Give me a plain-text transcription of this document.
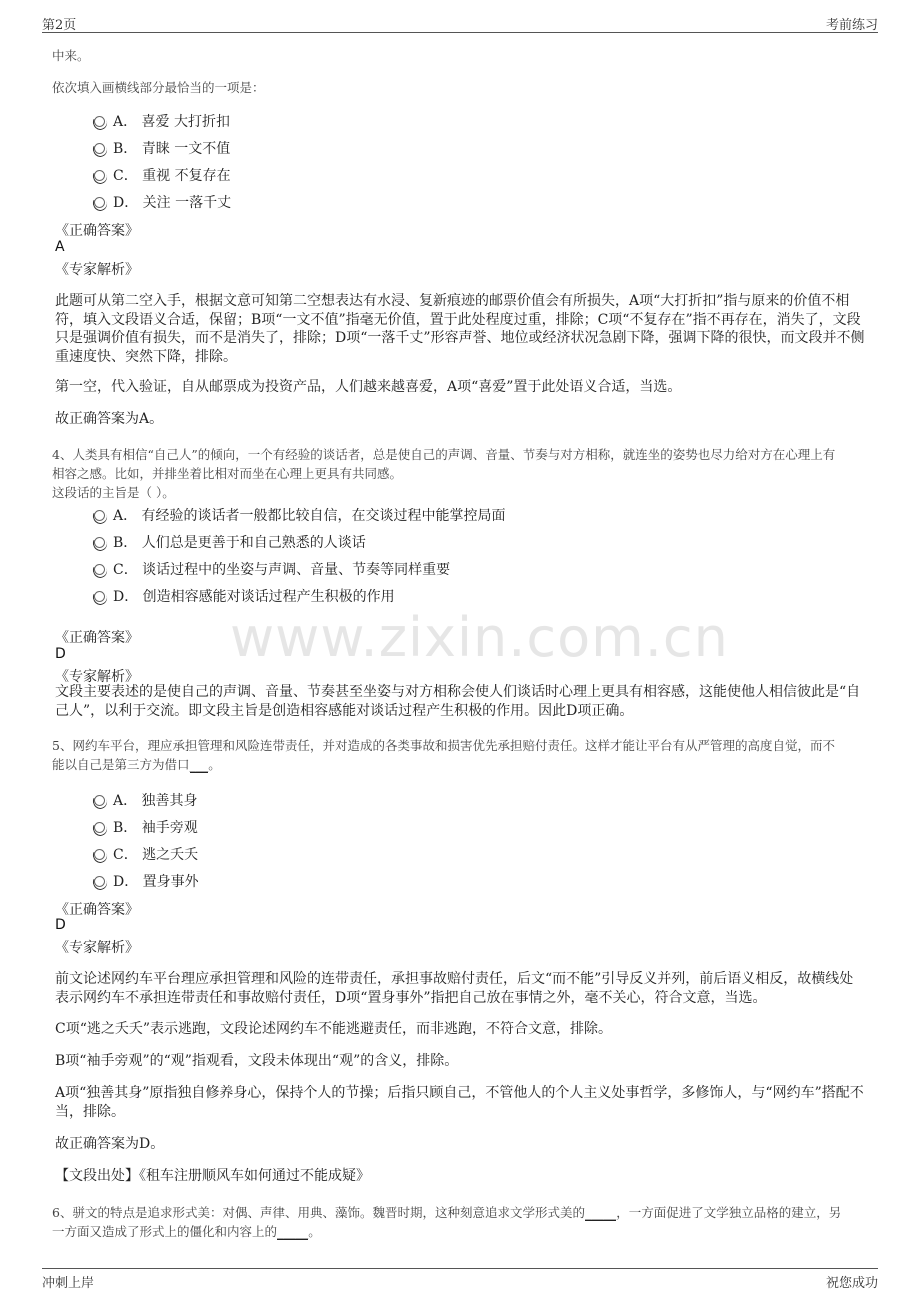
第2页	考前练习
www.zixin.com.cn
中来。
依次填入画横线部分最恰当的一项是：
A． 喜爱 大打折扣
B． 青睐 一文不值
C． 重视 不复存在
D． 关注 一落千丈
《正确答案》
A
《专家解析》
此题可从第二空入手，根据文意可知第二空想表达有水浸、复新痕迹的邮票价值会有所损失，A项“大打折扣”指与原来的价值不相符，填入文段语义合适，保留；B项“一文不值”指毫无价值，置于此处程度过重，排除；C项“不复存在”指不再存在，消失了，文段只是强调价值有损失，而不是消失了，排除；D项“一落千丈”形容声誉、地位或经济状况急剧下降，强调下降的很快，而文段并不侧重速度快、突然下降，排除。
第一空，代入验证，自从邮票成为投资产品，人们越来越喜爱，A项“喜爱”置于此处语义合适，当选。
故正确答案为A。
4、人类具有相信“自己人”的倾向，一个有经验的谈话者，总是使自己的声调、音量、节奏与对方相称，就连坐的姿势也尽力给对方在心理上有
相容之感。比如，并排坐着比相对而坐在心理上更具有共同感。
这段话的主旨是（ ）。
A． 有经验的谈话者一般都比较自信，在交谈过程中能掌控局面
B． 人们总是更善于和自己熟悉的人谈话
C． 谈话过程中的坐姿与声调、音量、节奏等同样重要
D． 创造相容感能对谈话过程产生积极的作用
《正确答案》
D
《专家解析》
文段主要表述的是使自己的声调、音量、节奏甚至坐姿与对方相称会使人们谈话时心理上更具有相容感，这能使他人相信彼此是“自己人”，以利于交流。即文段主旨是创造相容感能对谈话过程产生积极的作用。因此D项正确。
5、网约车平台，理应承担管理和风险连带责任，并对造成的各类事故和损害优先承担赔付责任。这样才能让平台有从严管理的高度自觉，而不
能以自己是第三方为借口___。
A． 独善其身
B． 袖手旁观
C． 逃之夭夭
D． 置身事外
《正确答案》
D
《专家解析》
前文论述网约车平台理应承担管理和风险的连带责任，承担事故赔付责任，后文“而不能”引导反义并列，前后语义相反，故横线处表示网约车不承担连带责任和事故赔付责任，D项“置身事外”指把自己放在事情之外，毫不关心，符合文意，当选。
C项“逃之夭夭”表示逃跑，文段论述网约车不能逃避责任，而非逃跑，不符合文意，排除。
B项“袖手旁观”的“观”指观看，文段未体现出“观”的含义，排除。
A项“独善其身”原指独自修养身心，保持个人的节操；后指只顾自己，不管他人的个人主义处事哲学，多修饰人，与“网约车”搭配不当，排除。
故正确答案为D。
【文段出处】《租车注册顺风车如何通过不能成疑》
6、骈文的特点是追求形式美：对偶、声律、用典、藻饰。魏晋时期，这种刻意追求文学形式美的_____，一方面促进了文学独立品格的建立，另
一方面又造成了形式上的僵化和内容上的_____。
冲刺上岸	祝您成功
